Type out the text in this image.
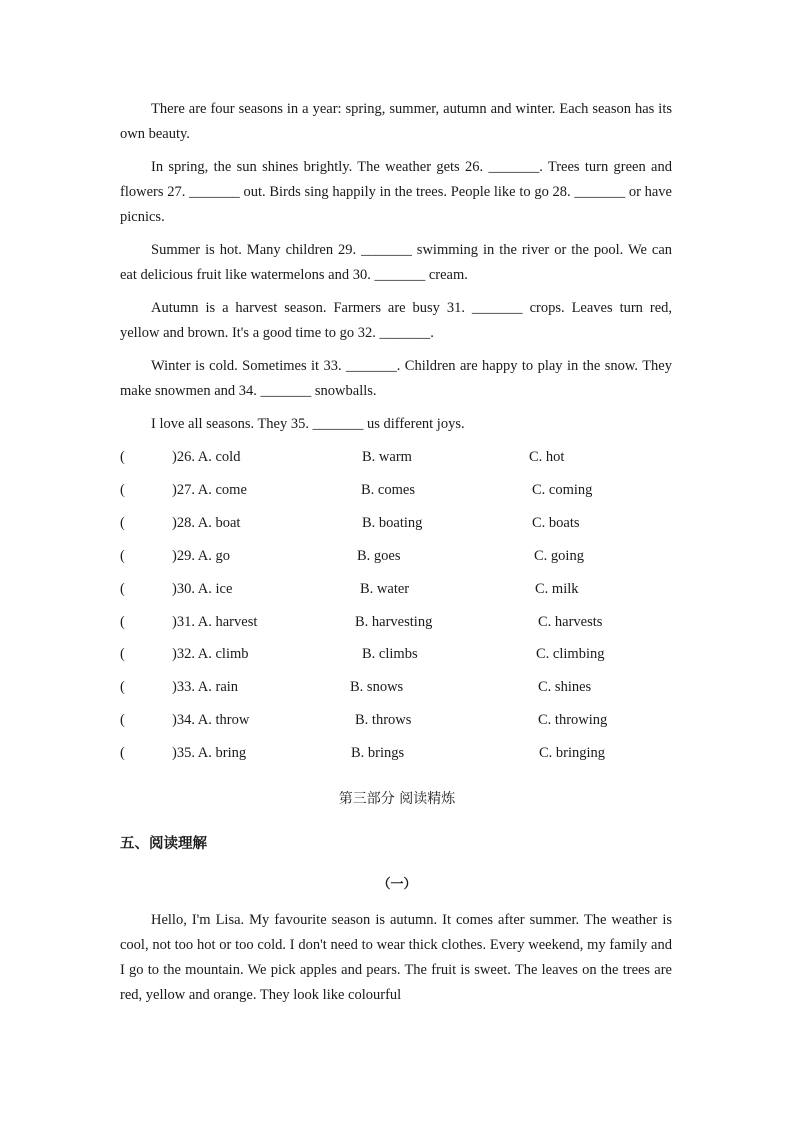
There are four seasons in a year: spring, summer, autumn and winter. Each season has its own beauty.

In spring, the sun shines brightly. The weather gets 26. _______. Trees turn green and flowers 27. _______ out. Birds sing happily in the trees. People like to go 28. _______ or have picnics.

Summer is hot. Many children 29. _______ swimming in the river or the pool. We can eat delicious fruit like watermelons and 30. _______ cream.

Autumn is a harvest season. Farmers are busy 31. _______ crops. Leaves turn red, yellow and brown. It's a good time to go 32. _______.

Winter is cold. Sometimes it 33. _______. Children are happy to play in the snow. They make snowmen and 34. _______ snowballs.

I love all seasons. They 35. _______ us different joys.

(	)26. A. cold	B. warm	C. hot
(	)27. A. come	B. comes	C. coming
(	)28. A. boat	B. boating	C. boats
(	)29. A. go	B. goes	C. going
(	)30. A. ice	B. water	C. milk
(	)31. A. harvest	B. harvesting	C. harvests
(	)32. A. climb	B. climbs	C. climbing
(	)33. A. rain	B. snows	C. shines
(	)34. A. throw	B. throws	C. throwing
(	)35. A. bring	B. brings	C. bringing
第三部分 阅读精炼
五、阅读理解
（一）

Hello, I'm Lisa. My favourite season is autumn. It comes after summer. The weather is cool, not too hot or too cold. I don't need to wear thick clothes. Every weekend, my family and I go to the mountain. We pick apples and pears. The fruit is sweet. The leaves on the trees are red, yellow and orange. They look like colourful
